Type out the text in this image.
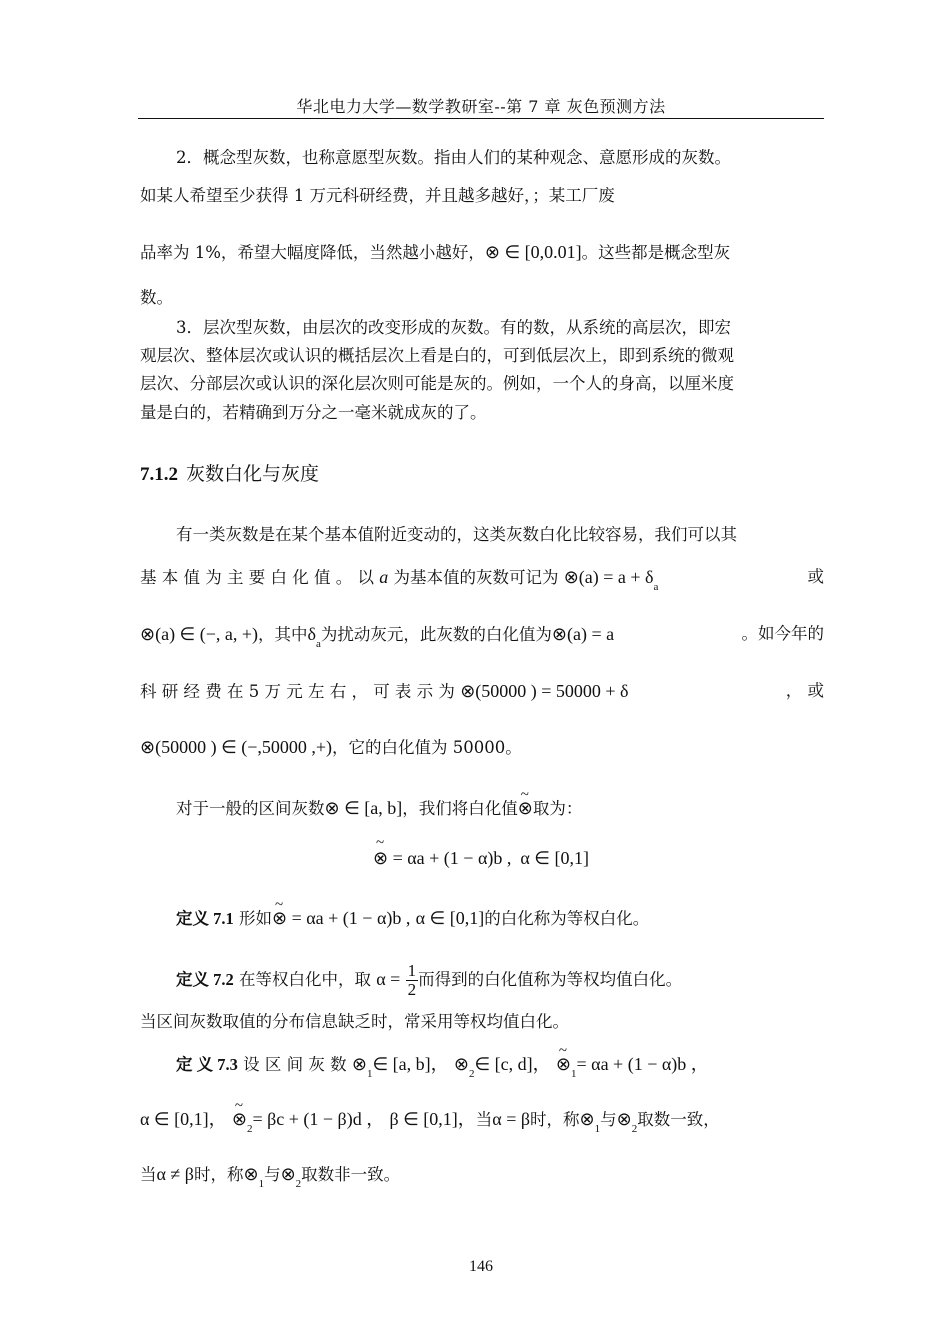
华北电力大学—数学教研室--第 7 章 灰色预测方法
2．概念型灰数，也称意愿型灰数。指由人们的某种观念、意愿形成的灰数。
如某人希望至少获得 1 万元科研经费，并且越多越好，；某工厂废
品率为 1%，希望大幅度降低，当然越小越好，⊗ ∈ [0,0.01]。这些都是概念型灰
数。
3．层次型灰数，由层次的改变形成的灰数。有的数，从系统的高层次，即宏
观层次、整体层次或认识的概括层次上看是白的，可到低层次上，即到系统的微观
层次、分部层次或认识的深化层次则可能是灰的。例如，一个人的身高，以厘米度
量是白的，若精确到万分之一毫米就成灰的了。
7.1.2 灰数白化与灰度
有一类灰数是在某个基本值附近变动的，这类灰数白化比较容易，我们可以其
基 本 值 为 主 要 白 化 值 。 以 a 为基本值的灰数可记为 ⊗(a) = $a + \delta_a$
或
⊗(a) ∈ (−, a, +)，其中$\delta_a$为扰动灰元，此灰数的白化值为⊗(a) = a	。如今年的
科 研 经 费 在 5 万 元 左 右 ， 可 表 示 为 ⊗(50000 ) = 50000 + δ	， 或
⊗(50000 ) ∈ (−,50000 ,+)，它的白化值为 50000。
对于一般的区间灰数⊗ ∈ [a, b]，我们将白化值~ ⊗取为：
~ ⊗ = αa + (1 − α)b , α ∈ [0,1]
定义 7.1 形如~ ⊗ = αa + (1 − α)b , α ∈ [0,1]的白化称为等权白化。
定义 7.2 在等权白化中，取 $\alpha = \frac{1}{2}$ 而得到的白化值称为等权均值白化。
当区间灰数取值的分布信息缺乏时，常采用等权均值白化。
定 义 7.3 设 区 间 灰 数 $\otimes_1\in$ [a, b]， $\otimes_2\in$ [c, d]， ~ $\otimes_1= \alpha a + (1 - \alpha)b$ ，
α ∈ [0,1]， ~ $\otimes_2= \beta c + (1 - \beta)d$ ， β ∈ [0,1]，当α = β时，称$\otimes_1$与$\otimes_2$取数一致，
当α ≠ β时，称$\otimes_1$与$\otimes_2$取数非一致。
146
